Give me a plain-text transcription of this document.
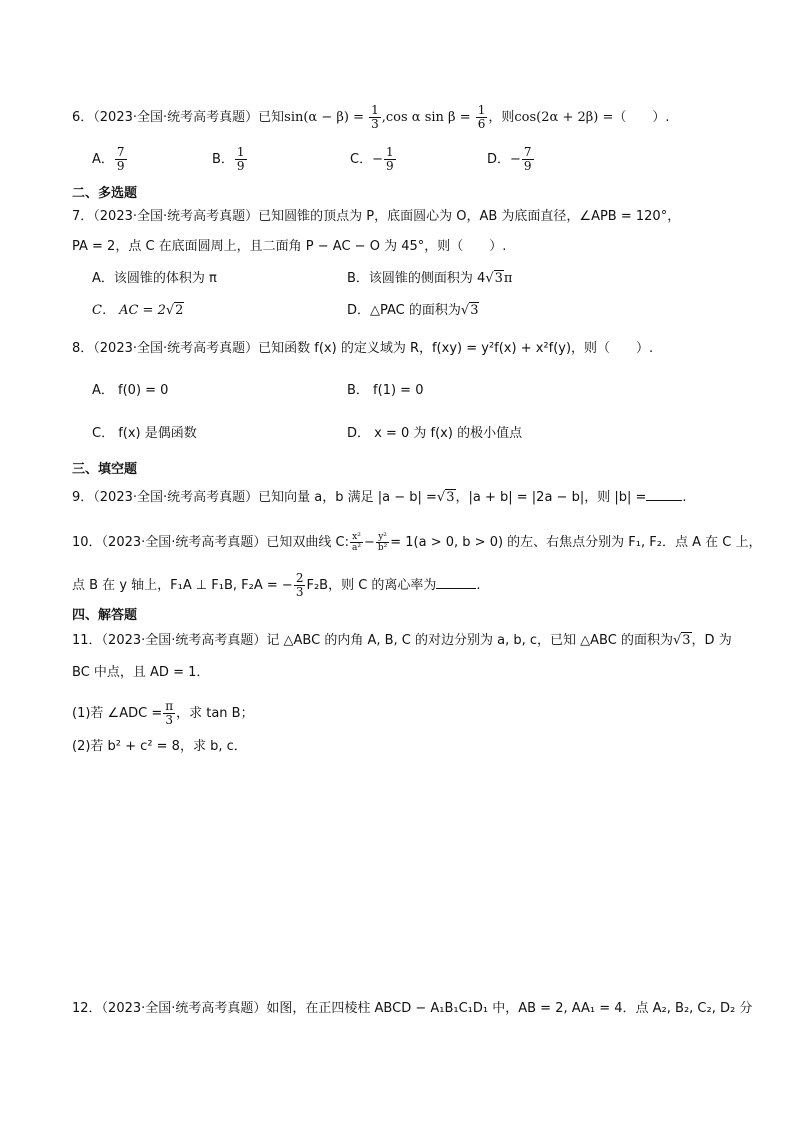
6．（2023·全国·统考高考真题）已知$\sin(\alpha - \beta) = \frac{1}{3} ,\cos$ α $\sin \beta = \frac{1}{6}$ ，则cos(2α + 2β) =（　　）.
A． $\frac{7}{9}$	B． $\frac{1}{9}$	C．− $\frac{1}{9}$	D．− $\frac{7}{9}$
二、多选题
7．（2023·全国·统考高考真题）已知圆锥的顶点为 P，底面圆心为 O，AB 为底面直径，∠APB = 120°，
PA = 2，点 C 在底面圆周上，且二面角 P − AC − O 为 45°，则（　　）.
A．该圆锥的体积为 π	B．该圆锥的侧面积为 4√3π
C． AC = 2√2	D．△PAC 的面积为√3
8．（2023·全国·统考高考真题）已知函数 f(x) 的定义域为 R，f(xy) = y²f(x) + x²f(y)，则（　　）.
A． f(0) = 0	B． f(1) = 0
C． f(x) 是偶函数	D． x = 0 为 f(x) 的极小值点
三、填空题
9．（2023·全国·统考高考真题）已知向量 a，b 满足 |a − b| =√3，|a + b| = |2a − b|，则 |b| =	.
10．（2023·全国·统考高考真题）已知双曲线 C: $\frac{\text{x²}}{\text{a²}} - \frac{\text{y²}}{\text{b²}} = 1(a > 0$, b > 0) 的左、右焦点分别为 F₁, F₂．点 A 在 C 上，
点 B 在 y 轴上，F₁A ⊥ F₁B, F₂A = − $\frac{2}{3} F_2B$，则 C 的离心率为	.
四、解答题
11．（2023·全国·统考高考真题）记 △ABC 的内角 A, B, C 的对边分别为 a, b, c，已知 △ABC 的面积为√3，D 为
BC 中点，且 AD = 1．
(1)若 ∠ADC = $\frac{\pi}{3}$ ，求 tan B；
(2)若 b² + c² = 8，求 b, c．
12．（2023·全国·统考高考真题）如图，在正四棱柱 ABCD − A₁B₁C₁D₁ 中，AB = 2, AA₁ = 4．点 A₂, B₂, C₂, D₂ 分
